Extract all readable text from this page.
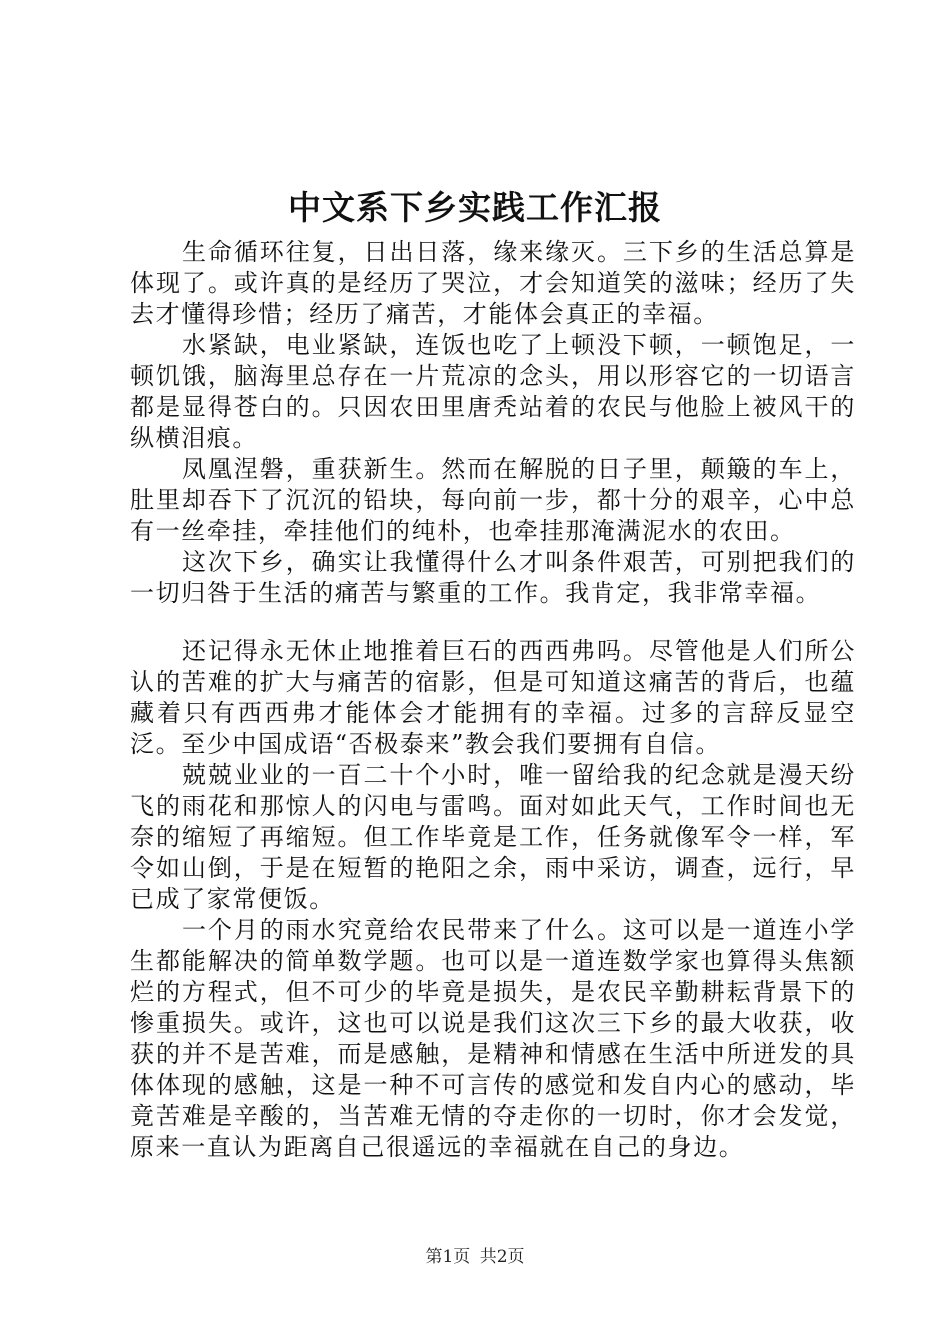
中文系下乡实践工作汇报

生命循环往复，日出日落，缘来缘灭。三下乡的生活总算是体现了。或许真的是经历了哭泣，才会知道笑的滋味；经历了失去才懂得珍惜；经历了痛苦，才能体会真正的幸福。

水紧缺，电业紧缺，连饭也吃了上顿没下顿，一顿饱足，一顿饥饿，脑海里总存在一片荒凉的念头，用以形容它的一切语言都是显得苍白的。只因农田里唐秃站着的农民与他脸上被风干的纵横泪痕。

凤凰涅磐，重获新生。然而在解脱的日子里，颠簸的车上，肚里却吞下了沉沉的铅块，每向前一步，都十分的艰辛，心中总有一丝牵挂，牵挂他们的纯朴，也牵挂那淹满泥水的农田。

这次下乡，确实让我懂得什么才叫条件艰苦，可别把我们的一切归咎于生活的痛苦与繁重的工作。我肯定，我非常幸福。

还记得永无休止地推着巨石的西西弗吗。尽管他是人们所公认的苦难的扩大与痛苦的宿影，但是可知道这痛苦的背后，也蕴藏着只有西西弗才能体会才能拥有的幸福。过多的言辞反显空泛。至少中国成语“否极泰来”教会我们要拥有自信。

兢兢业业的一百二十个小时，唯一留给我的纪念就是漫天纷飞的雨花和那惊人的闪电与雷鸣。面对如此天气，工作时间也无奈的缩短了再缩短。但工作毕竟是工作，任务就像军令一样，军令如山倒，于是在短暂的艳阳之余，雨中采访，调查，远行，早已成了家常便饭。

一个月的雨水究竟给农民带来了什么。这可以是一道连小学生都能解决的简单数学题。也可以是一道连数学家也算得头焦额烂的方程式，但不可少的毕竟是损失，是农民辛勤耕耘背景下的惨重损失。或许，这也可以说是我们这次三下乡的最大收获，收获的并不是苦难，而是感触，是精神和情感在生活中所迸发的具体体现的感触，这是一种不可言传的感觉和发自内心的感动，毕竟苦难是辛酸的，当苦难无情的夺走你的一切时，你才会发觉，原来一直认为距离自己很遥远的幸福就在自己的身边。

第1页 共2页
